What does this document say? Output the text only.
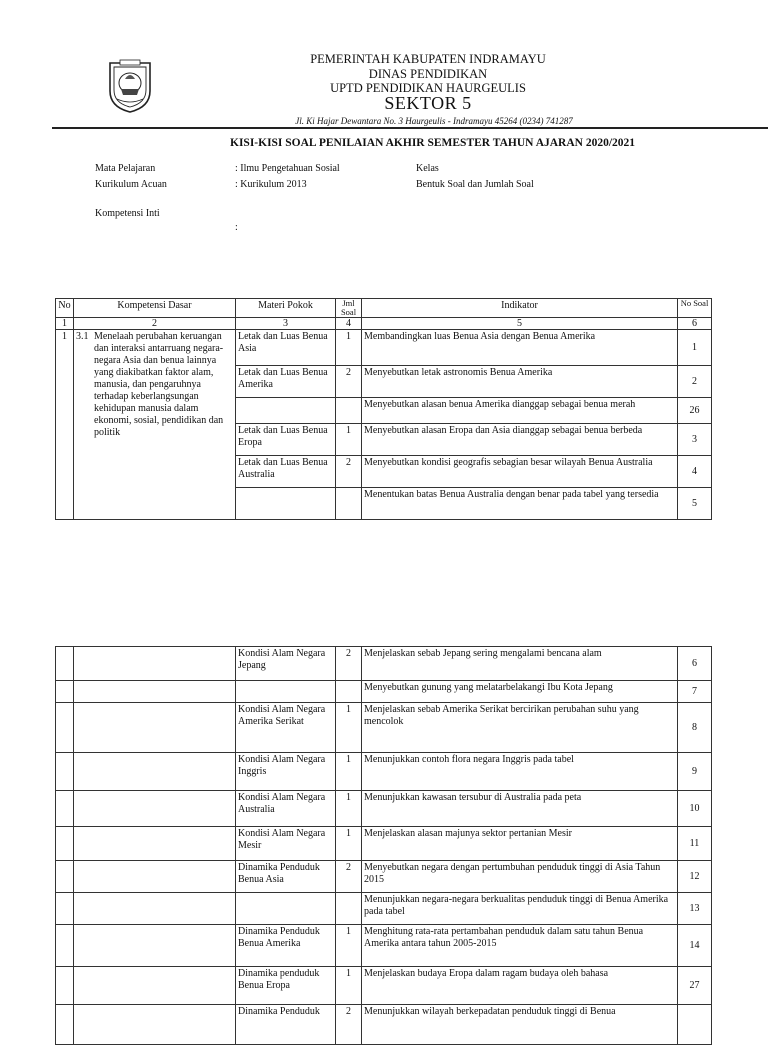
PEMERINTAH KABUPATEN INDRAMAYU
DINAS PENDIDIKAN
UPTD PENDIDIKAN HAURGEULIS
SEKTOR 5
Jl. Ki Hajar Dewantara No. 3 Haurgeulis - Indramayu 45264 (0234) 741287
KISI-KISI SOAL PENILAIAN AKHIR SEMESTER TAHUN AJARAN 2020/2021
Mata Pelajaran	: Ilmu Pengetahuan Sosial	Kelas
Kurikulum Acuan	: Kurikulum 2013	Bentuk Soal dan Jumlah Soal
Kompetensi Inti
:
No	Kompetensi Dasar	Materi Pokok	Jml Soal	Indikator	No Soal
1	2	3	4	5	6
1	3.1 Menelaah perubahan keruangan dan interaksi antarruang negara-negara Asia dan benua lainnya yang diakibatkan faktor alam, manusia, dan pengaruhnya terhadap keberlangsungan kehidupan manusia dalam ekonomi, sosial, pendidikan dan politik	Letak dan Luas Benua Asia	1	Membandingkan luas Benua Asia dengan Benua Amerika	1
		Letak dan Luas Benua Amerika	2	Menyebutkan letak astronomis Benua Amerika	2
				Menyebutkan alasan benua Amerika dianggap sebagai benua merah	26
		Letak dan Luas Benua Eropa	1	Menyebutkan alasan Eropa dan Asia dianggap sebagai benua berbeda	3
		Letak dan Luas Benua Australia	2	Menyebutkan kondisi geografis sebagian besar wilayah Benua Australia	4
				Menentukan batas Benua Australia dengan benar pada tabel yang tersedia	5
		Kondisi Alam Negara Jepang	2	Menjelaskan sebab Jepang sering mengalami bencana alam	6
				Menyebutkan gunung yang melatarbelakangi Ibu Kota Jepang	7
		Kondisi Alam Negara Amerika Serikat	1	Menjelaskan sebab Amerika Serikat bercirikan perubahan suhu yang mencolok	8
		Kondisi Alam Negara Inggris	1	Menunjukkan contoh flora negara Inggris pada tabel	9
		Kondisi Alam Negara Australia	1	Menunjukkan kawasan tersubur di Australia pada peta	10
		Kondisi Alam Negara Mesir	1	Menjelaskan alasan majunya sektor pertanian Mesir	11
		Dinamika Penduduk Benua Asia	2	Menyebutkan negara dengan pertumbuhan penduduk tinggi di Asia Tahun 2015	12
				Menunjukkan negara-negara berkualitas penduduk tinggi di Benua Amerika pada tabel	13
		Dinamika Penduduk Benua Amerika	1	Menghitung rata-rata pertambahan penduduk dalam satu tahun Benua Amerika antara tahun 2005-2015	14
		Dinamika penduduk Benua Eropa	1	Menjelaskan budaya Eropa dalam ragam budaya oleh bahasa	27
		Dinamika Penduduk	2	Menunjukkan wilayah berkepadatan penduduk tinggi di Benua	
